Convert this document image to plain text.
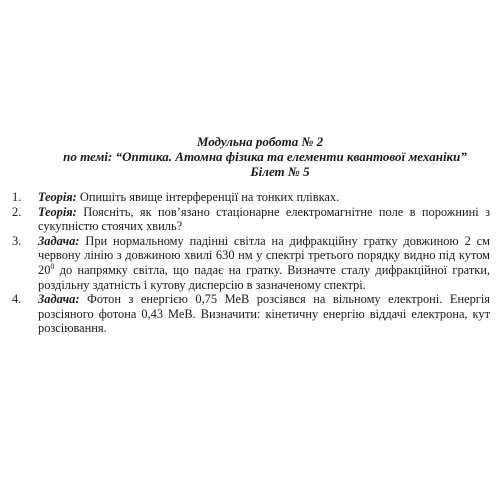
Модульна робота № 2
по темі: “Оптика. Атомна фізика та елементи квантової механіки”
Білет № 5
1. Теорія: Опишіть явище інтерференції на тонких плівках.
2. Теорія: Поясніть, як пов’язано стаціонарне електромагнітне поле в порожнині з сукупністю стоячих хвиль?
3. Задача: При нормальному падінні світла на дифракційну гратку довжиною 2 см червону лінію з довжиною хвилі 630 нм у спектрі третього порядку видно під кутом $20^0$ до напрямку світла, що падає на гратку. Визначте сталу дифракційної гратки, роздільну здатність і кутову дисперсію в зазначеному спектрі.
4. Задача: Фотон з енергією 0,75 МеВ розсіявся на вільному електроні. Енергія розсіяного фотона 0,43 МеВ. Визначити: кінетичну енергію віддачі електрона, кут розсіювання.
